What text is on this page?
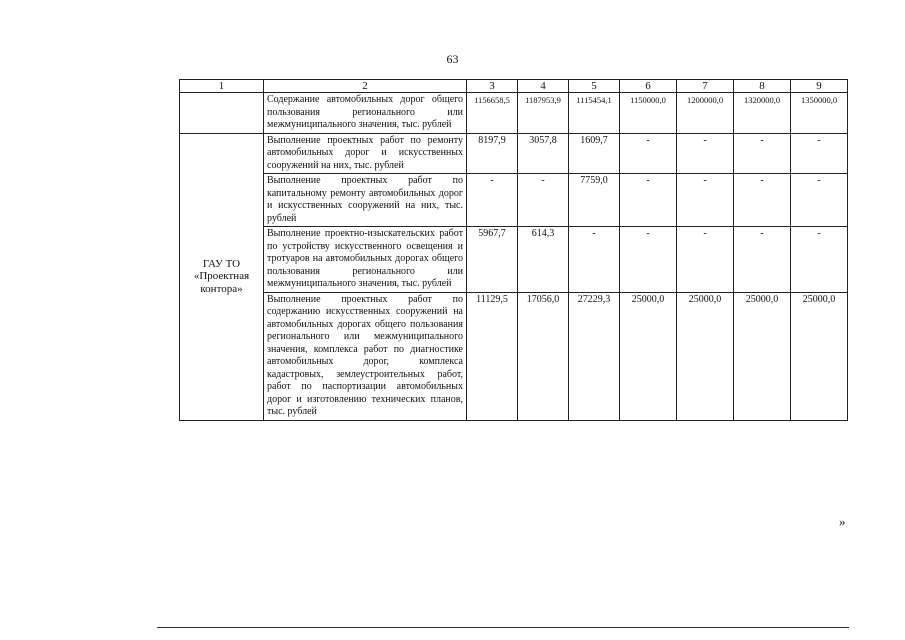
63
1	2	3	4	5	6	7	8	9
	Содержание автомобильных дорог общего пользования регионального или межмуниципального значения, тыс. рублей	1156658,5	1187953,9	1115454,1	1150000,0	1200000,0	1320000,0	1350000,0
ГАУ ТО
«Проектная
контора»	Выполнение проектных работ по ремонту автомобильных дорог и искусственных сооружений на них, тыс. рублей	8197,9	3057,8	1609,7	-	-	-	-
	Выполнение проектных работ по капитальному ремонту автомобильных дорог и искусственных сооружений на них, тыс. рублей	-	-	7759,0	-	-	-	-
	Выполнение проектно-изыскательских работ по устройству искусственного освещения и тротуаров на автомобильных дорогах общего пользования регионального или межмуниципального значения, тыс. рублей	5967,7	614,3	-	-	-	-	-
	Выполнение проектных работ по содержанию искусственных сооружений на автомобильных дорогах общего пользования регионального или межмуниципального значения, комплекса работ по диагностике автомобильных дорог, комплекса кадастровых, землеустроительных работ, работ по паспортизации автомобильных дорог и изготовлению технических планов, тыс. рублей	11129,5	17056,0	27229,3	25000,0	25000,0	25000,0	25000,0
»
